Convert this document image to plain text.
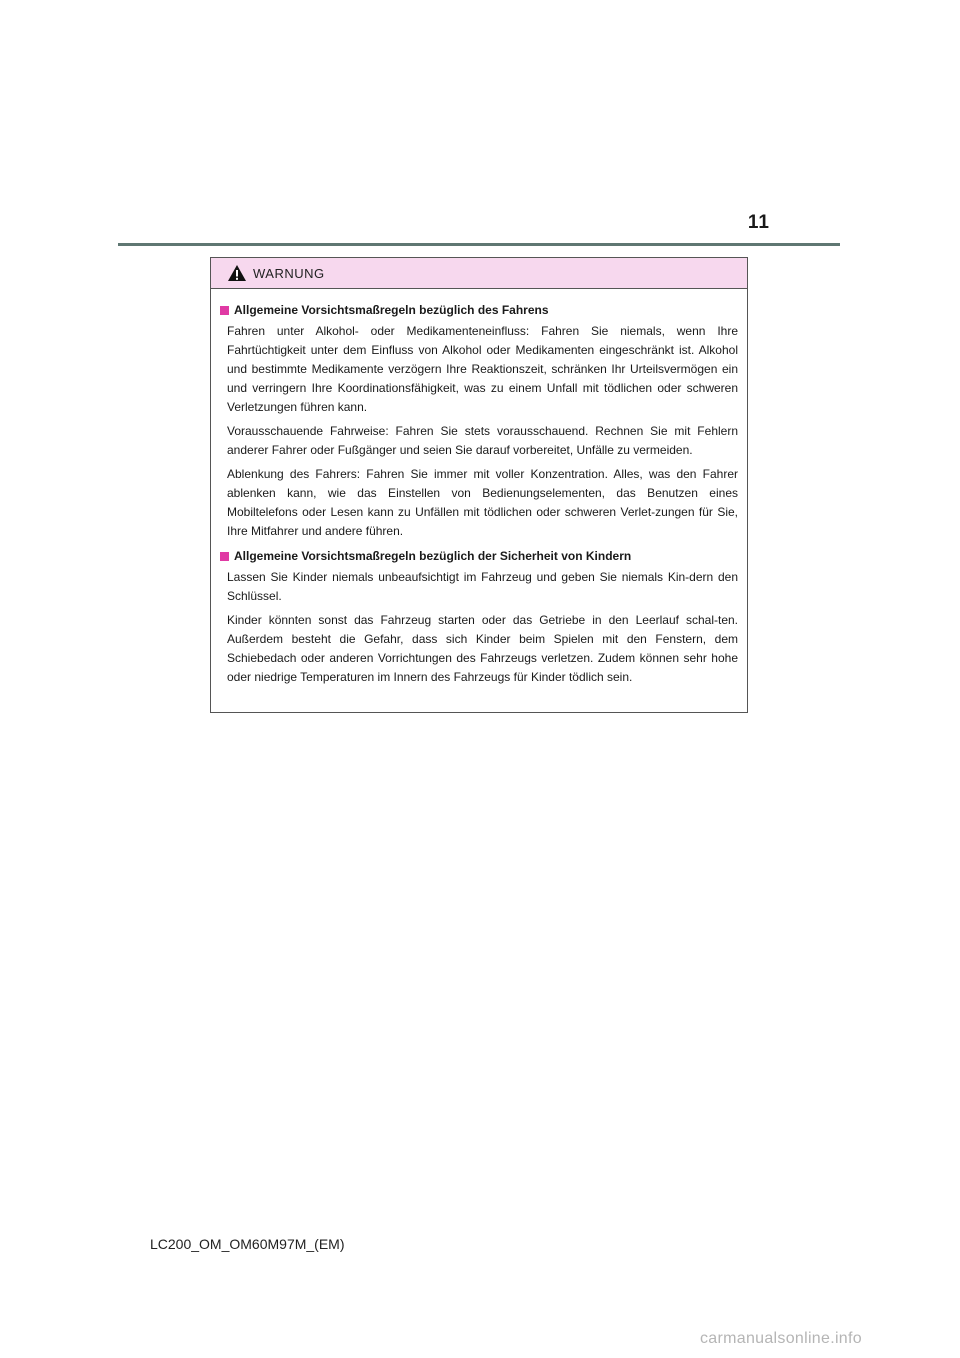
11
WARNUNG
Allgemeine Vorsichtsmaßregeln bezüglich des Fahrens

Fahren unter Alkohol- oder Medikamenteneinfluss: Fahren Sie niemals, wenn Ihre Fahrtüchtigkeit unter dem Einfluss von Alkohol oder Medikamenten eingeschränkt ist. Alkohol und bestimmte Medikamente verzögern Ihre Reaktionszeit, schränken Ihr Urteilsvermögen ein und verringern Ihre Koordinationsfähigkeit, was zu einem Unfall mit tödlichen oder schweren Verletzungen führen kann.

Vorausschauende Fahrweise: Fahren Sie stets vorausschauend. Rechnen Sie mit Fehlern anderer Fahrer oder Fußgänger und seien Sie darauf vorbereitet, Unfälle zu vermeiden.

Ablenkung des Fahrers: Fahren Sie immer mit voller Konzentration. Alles, was den Fahrer ablenken kann, wie das Einstellen von Bedienungselementen, das Benutzen eines Mobiltelefons oder Lesen kann zu Unfällen mit tödlichen oder schweren Verlet-zungen für Sie, Ihre Mitfahrer und andere führen.

Allgemeine Vorsichtsmaßregeln bezüglich der Sicherheit von Kindern

Lassen Sie Kinder niemals unbeaufsichtigt im Fahrzeug und geben Sie niemals Kin-dern den Schlüssel.

Kinder könnten sonst das Fahrzeug starten oder das Getriebe in den Leerlauf schal-ten. Außerdem besteht die Gefahr, dass sich Kinder beim Spielen mit den Fenstern, dem Schiebedach oder anderen Vorrichtungen des Fahrzeugs verletzen. Zudem können sehr hohe oder niedrige Temperaturen im Innern des Fahrzeugs für Kinder tödlich sein.

LC200_OM_OM60M97M_(EM)
carmanualsonline.info
